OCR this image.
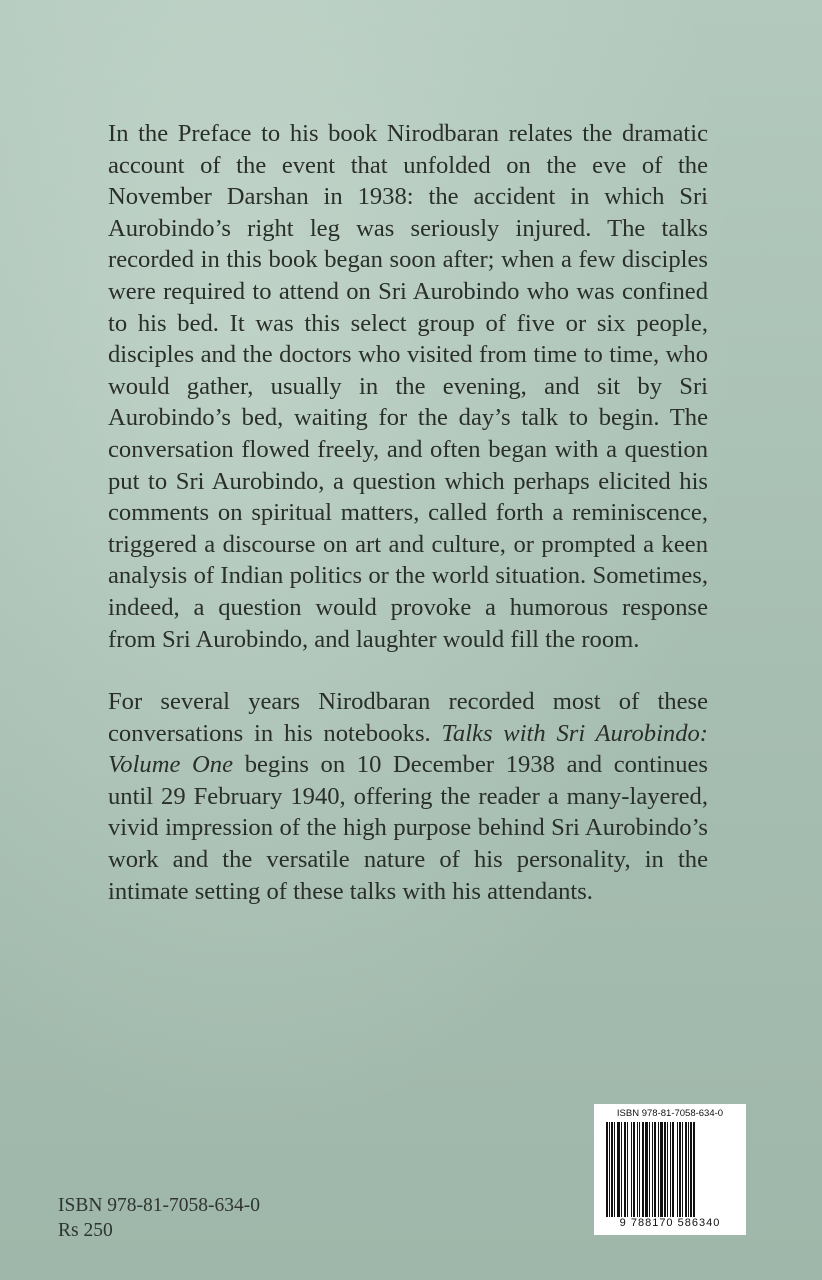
In the Preface to his book Nirodbaran relates the dramatic account of the event that unfolded on the eve of the November Darshan in 1938: the accident in which Sri Aurobindo’s right leg was seriously injured. The talks recorded in this book began soon after; when a few disciples were required to attend on Sri Aurobindo who was confined to his bed. It was this select group of five or six people, disciples and the doctors who visited from time to time, who would gather, usually in the evening, and sit by Sri Aurobindo’s bed, waiting for the day’s talk to begin. The conversation flowed freely, and often began with a question put to Sri Aurobindo, a question which perhaps elicited his comments on spiritual matters, called forth a reminiscence, triggered a discourse on art and culture, or prompted a keen analysis of Indian politics or the world situation. Sometimes, indeed, a question would provoke a humorous response from Sri Aurobindo, and laughter would fill the room.

For several years Nirodbaran recorded most of these conversations in his notebooks. Talks with Sri Aurobindo: Volume One begins on 10 December 1938 and continues until 29 February 1940, offering the reader a many-layered, vivid impression of the high purpose behind Sri Aurobindo’s work and the versatile nature of his personality, in the intimate setting of these talks with his attendants.

ISBN 978-81-7058-634-0
Rs 250
ISBN 978-81-7058-634-0
9 788170 586340
